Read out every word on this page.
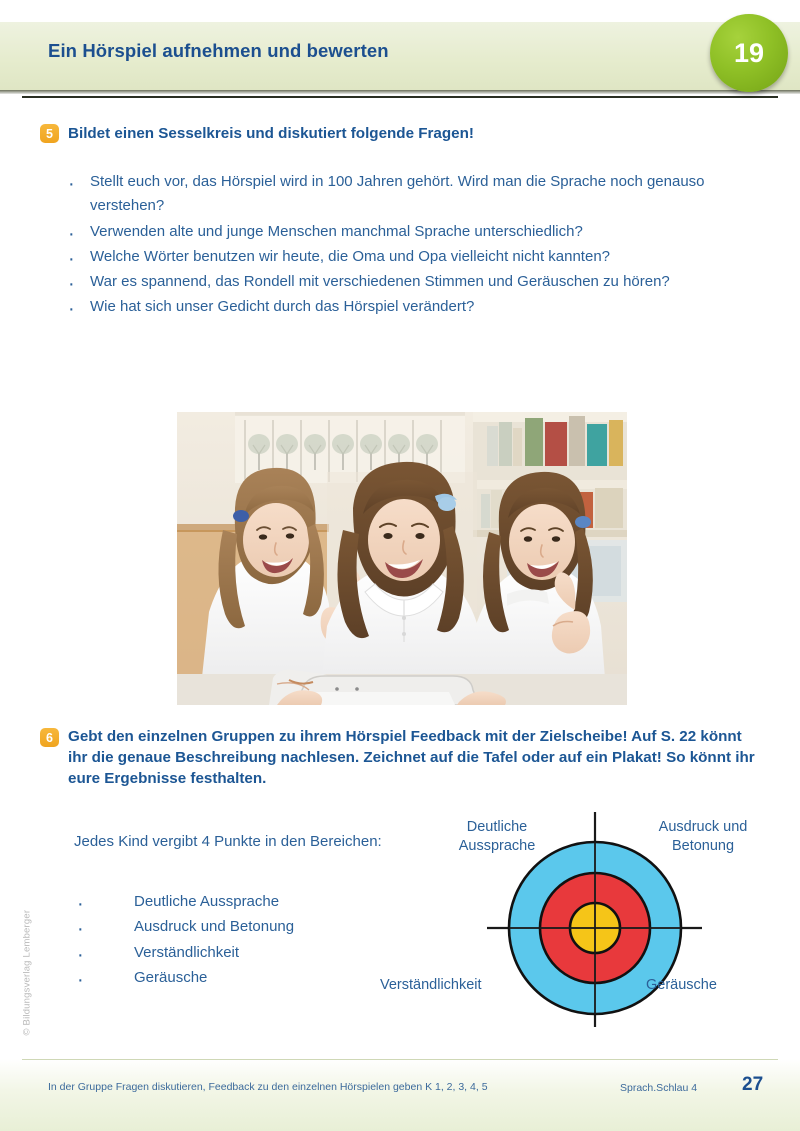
Ein Hörspiel aufnehmen und bewerten	19
5 Bildet einen Sesselkreis und diskutiert folgende Fragen!
· Stellt euch vor, das Hörspiel wird in 100 Jahren gehört. Wird man die Sprache noch genauso verstehen?
· Verwenden alte und junge Menschen manchmal Sprache unterschiedlich?
· Welche Wörter benutzen wir heute, die Oma und Opa vielleicht nicht kannten?
· War es spannend, das Rondell mit verschiedenen Stimmen und Geräuschen zu hören?
· Wie hat sich unser Gedicht durch das Hörspiel verändert?
6 Gebt den einzelnen Gruppen zu ihrem Hörspiel Feedback mit der Zielscheibe! Auf S. 22 könnt ihr die genaue Beschreibung nachlesen. Zeichnet auf die Tafel oder auf ein Plakat! So könnt ihr eure Ergebnisse festhalten.
Jedes Kind vergibt 4 Punkte in den Bereichen:
· Deutliche Aussprache
· Ausdruck und Betonung
· Verständlichkeit
· Geräusche
Deutliche
Aussprache
Ausdruck und
Betonung
Verständlichkeit	Geräusche
© Bildungsverlag Lemberger
In der Gruppe Fragen diskutieren, Feedback zu den einzelnen Hörspielen geben K 1, 2, 3, 4, 5	Sprach.Schlau 4 27
